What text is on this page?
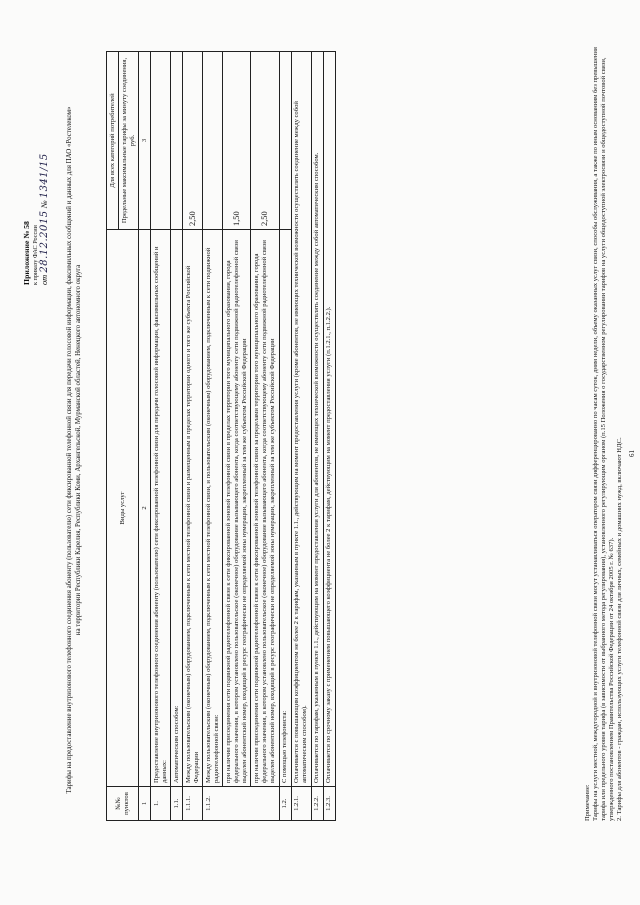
Приложение № 58 к приказу ФАС России от 28.12.2015 № 1341/15 Тарифы на предоставление внутризонового телефонного соединения абоненту (пользователю) сети фиксированной телефонной связи для передачи голосовой информации, факсимильных сообщений и данных для ПАО «Ростелеком» на территории Республики Карелия, Республики Коми, Архангельской, Мурманской областей, Ненецкого автономного округа
№№ пунктов	Виды услуг	Для всех категорий потребителей
		Предельные максимальные тарифы за минуту соединения, руб.
1	2	3
1.	Предоставление внутризонового телефонного соединения абоненту (пользователю) сети фиксированной телефонной связи для передачи голосовой информации, факсимильных сообщений и данных:	
1.1.	Автоматическим способом:	
1.1.1.	Между пользовательским (оконечным) оборудованием, подключенным к сети местной телефонной связи и размещенным в пределах территории одного и того же субъекта Российской Федерации	2,50
1.1.2.	Между пользовательским (оконечным) оборудованием, подключенным к сети местной телефонной связи, и пользовательским (оконечным) оборудованием, подключенным к сети подвижной радиотелефонной связи:	
	при наличии присоединения сети подвижной радиотелефонной связи к сети фиксированной зоновой телефонной связи в пределах территории того муниципального образования, города федерального значения, в котором установлено пользовательское (оконечное) оборудование вызывающего абонента, когда соответствующему абоненту сети подвижной радиотелефонной связи выделен абонентский номер, входящий в ресурс географически не определяемой зоны нумерации, закрепленный за тем же субъектом Российской Федерации	1,50
	при наличии присоединения сети подвижной радиотелефонной связи к сети фиксированной зоновой телефонной связи за пределами территории того муниципального образования, города федерального значения, в котором установлено пользовательское (оконечное) оборудование вызывающего абонента, когда соответствующему абоненту сети подвижной радиотелефонной связи выделен абонентский номер, входящий в ресурс географически не определяемой зоны нумерации, закрепленный за тем же субъектом Российской Федерации	2,50
1.2.	С помощью телефониста:	
1.2.1.	Оплачивается с повышающим коэффициентом не более 2 к тарифам, указанным в пункте 1.1., действующим на момент предоставления услуги (кроме абонентов, не имеющих технической возможности осуществлять соединение между собой автоматическим способом).	
1.2.2.	Оплачивается по тарифам, указанным в пункте 1.1., действующим на момент предоставления услуги для абонентов, не имеющих технической возможности осуществлять соединение между собой автоматическим способом.	
1.2.3.	Оплачивается по срочному заказу с применением повышающего коэффициента не более 2 к тарифам, действующим на момент предоставления услуги (п.1.2.1., п.1.2.2.).	

Примечание: Тарифы на услуги местной, междугородной и внутризоновой телефонной связи могут устанавливаться оператором связи дифференцированно по часам суток, дням недели, объему оказанных услуг связи, способы обслуживания, а также по иным основаниям без превышения тарифа или предельного уровня тарифа (в зависимости от выбранного метода регулирования), установленного регулирующим органом (п.15 Положения о государственном регулировании тарифов на услуги общедоступной электросвязи и общедоступной почтовой связи, утвержденного постановлением Правительства Российской Федерации от 24 октября 2005 г. № 637). 2. Тарифы для абонентов - граждан, использующих услуги телефонной связи для личных, семейных и домашних нужд, включают НДС. 61
